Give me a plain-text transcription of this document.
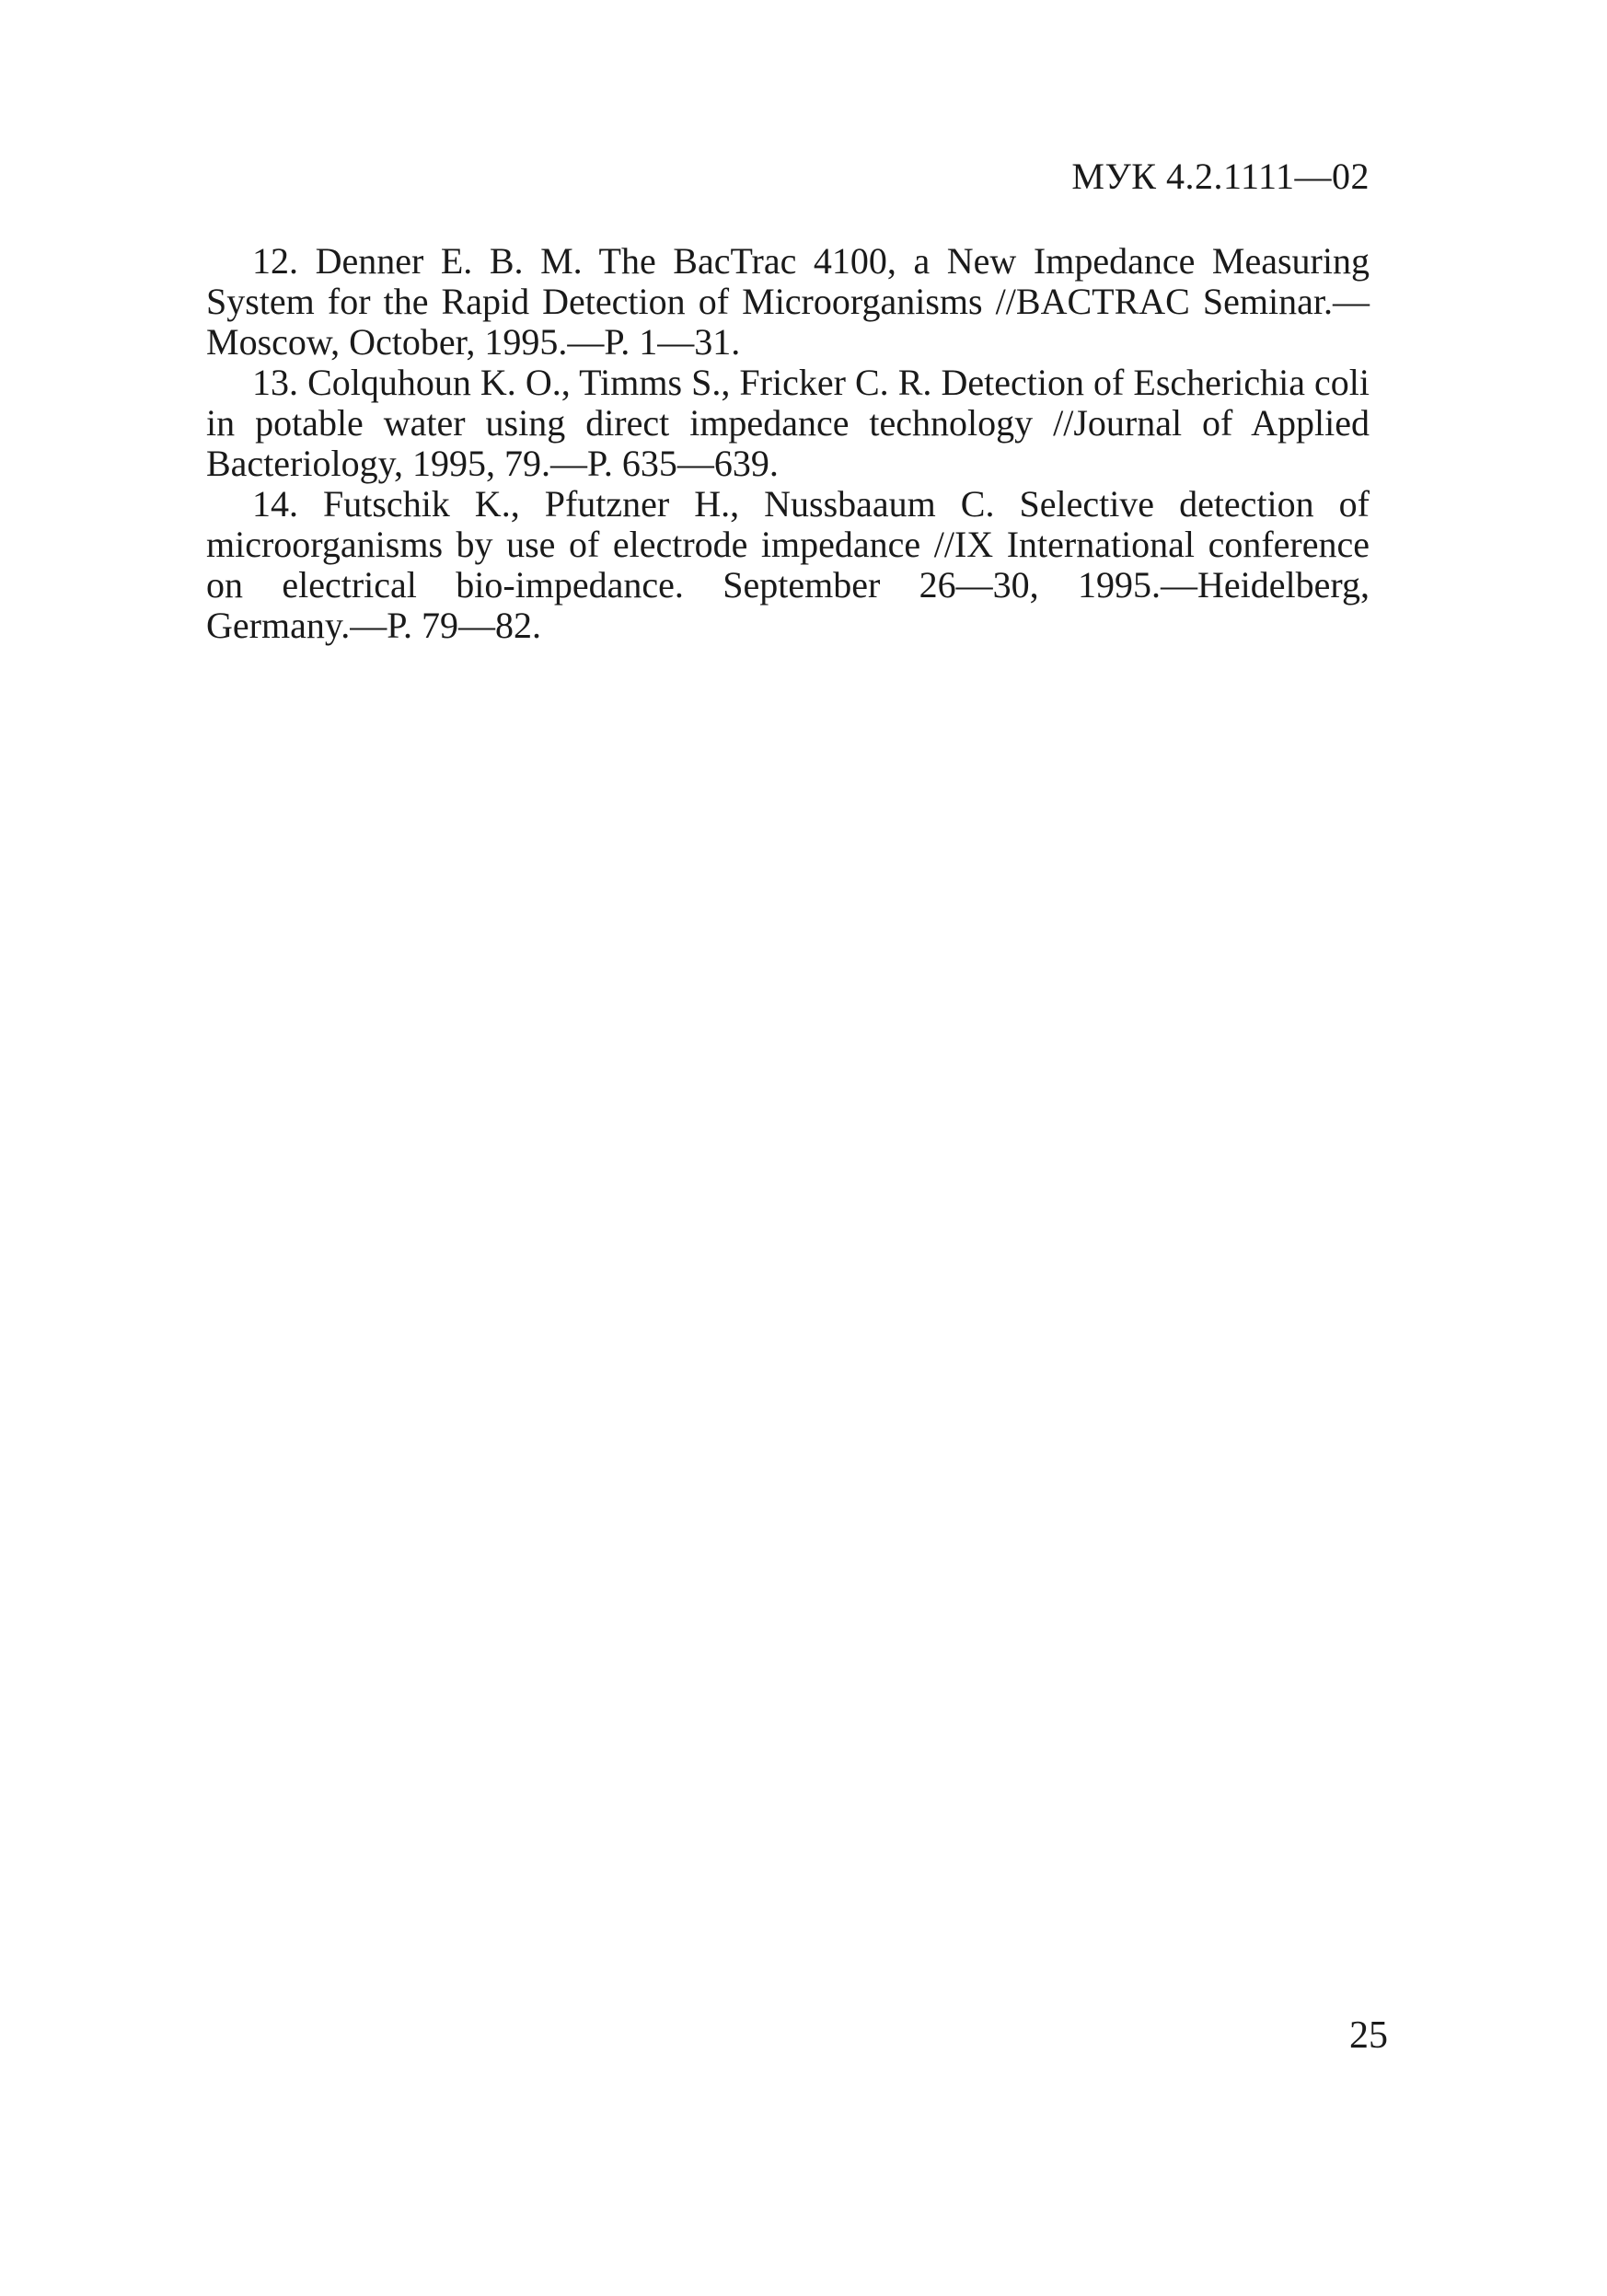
МУК 4.2.1111—02

12. Denner E. B. M. The BacTrac 4100, a New Impedance Measuring System for the Rapid Detection of Microorganisms //BACTRAC Seminar.—Moscow, October, 1995.—P. 1—31.

13. Colquhoun K. O., Timms S., Fricker C. R. Detection of Escherichia coli in potable water using direct impedance technology //Journal of Applied Bacteriology, 1995, 79.—P. 635—639.

14. Futschik K., Pfutzner H., Nussbaaum C. Selective detection of microorganisms by use of electrode impedance //IX International conference on electrical bio-impedance. September 26—30, 1995.—Heidelberg, Germany.—P. 79—82.

25
